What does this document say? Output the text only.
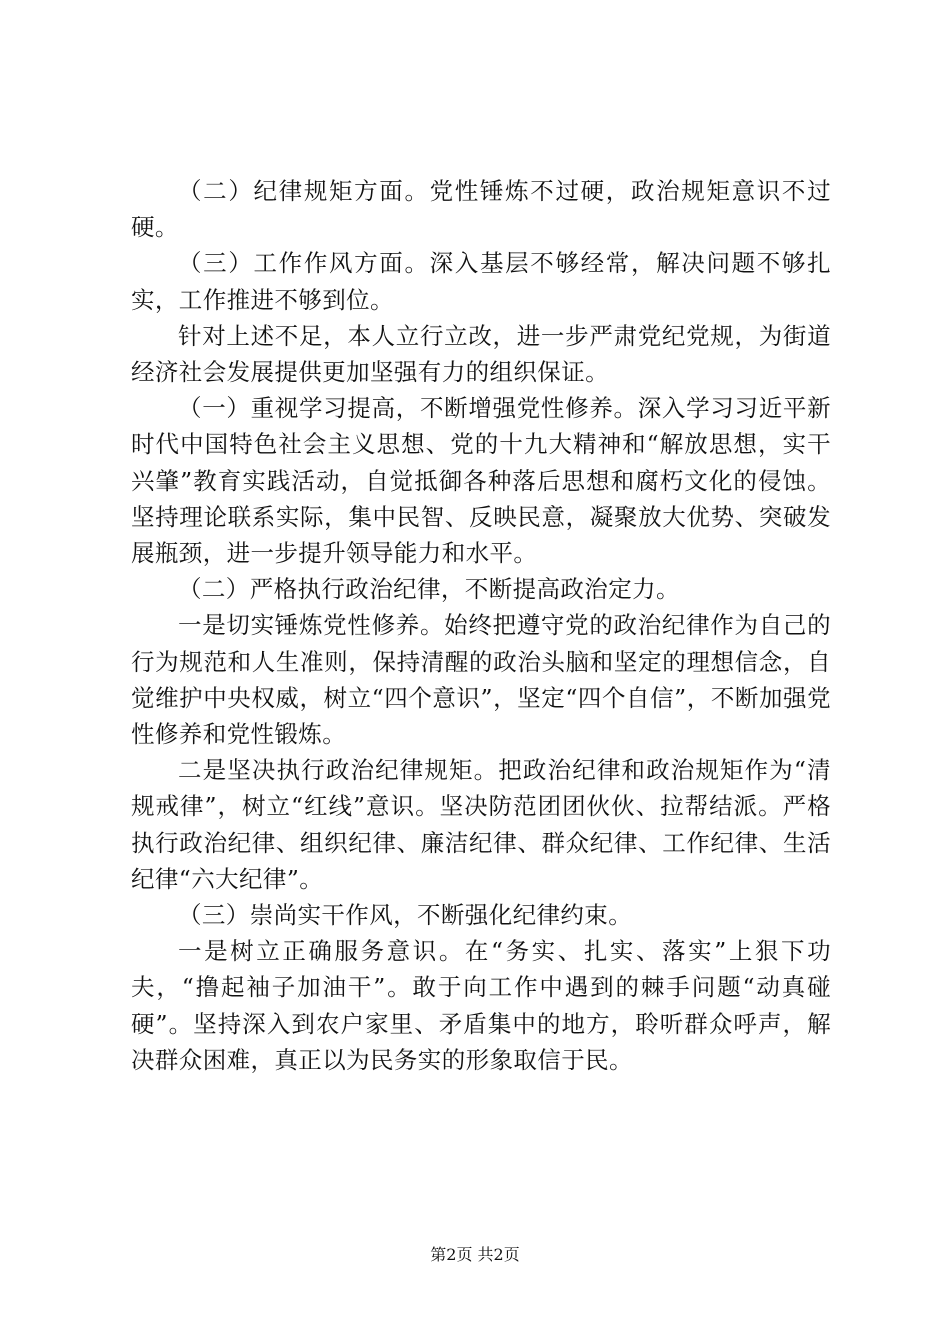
（二）纪律规矩方面。党性锤炼不过硬，政治规矩意识不过硬。

（三）工作作风方面。深入基层不够经常，解决问题不够扎实，工作推进不够到位。

针对上述不足，本人立行立改，进一步严肃党纪党规，为街道经济社会发展提供更加坚强有力的组织保证。

（一）重视学习提高，不断增强党性修养。深入学习习近平新时代中国特色社会主义思想、党的十九大精神和“解放思想，实干兴肇”教育实践活动，自觉抵御各种落后思想和腐朽文化的侵蚀。坚持理论联系实际，集中民智、反映民意，凝聚放大优势、突破发展瓶颈，进一步提升领导能力和水平。

（二）严格执行政治纪律，不断提高政治定力。

一是切实锤炼党性修养。始终把遵守党的政治纪律作为自己的行为规范和人生准则，保持清醒的政治头脑和坚定的理想信念，自觉维护中央权威，树立“四个意识”，坚定“四个自信”，不断加强党性修养和党性锻炼。

二是坚决执行政治纪律规矩。把政治纪律和政治规矩作为“清规戒律”，树立“红线”意识。坚决防范团团伙伙、拉帮结派。严格执行政治纪律、组织纪律、廉洁纪律、群众纪律、工作纪律、生活纪律“六大纪律”。

（三）崇尚实干作风，不断强化纪律约束。

一是树立正确服务意识。在“务实、扎实、落实”上狠下功夫，“撸起袖子加油干”。敢于向工作中遇到的棘手问题“动真碰硬”。坚持深入到农户家里、矛盾集中的地方，聆听群众呼声，解决群众困难，真正以为民务实的形象取信于民。

第2页 共2页
